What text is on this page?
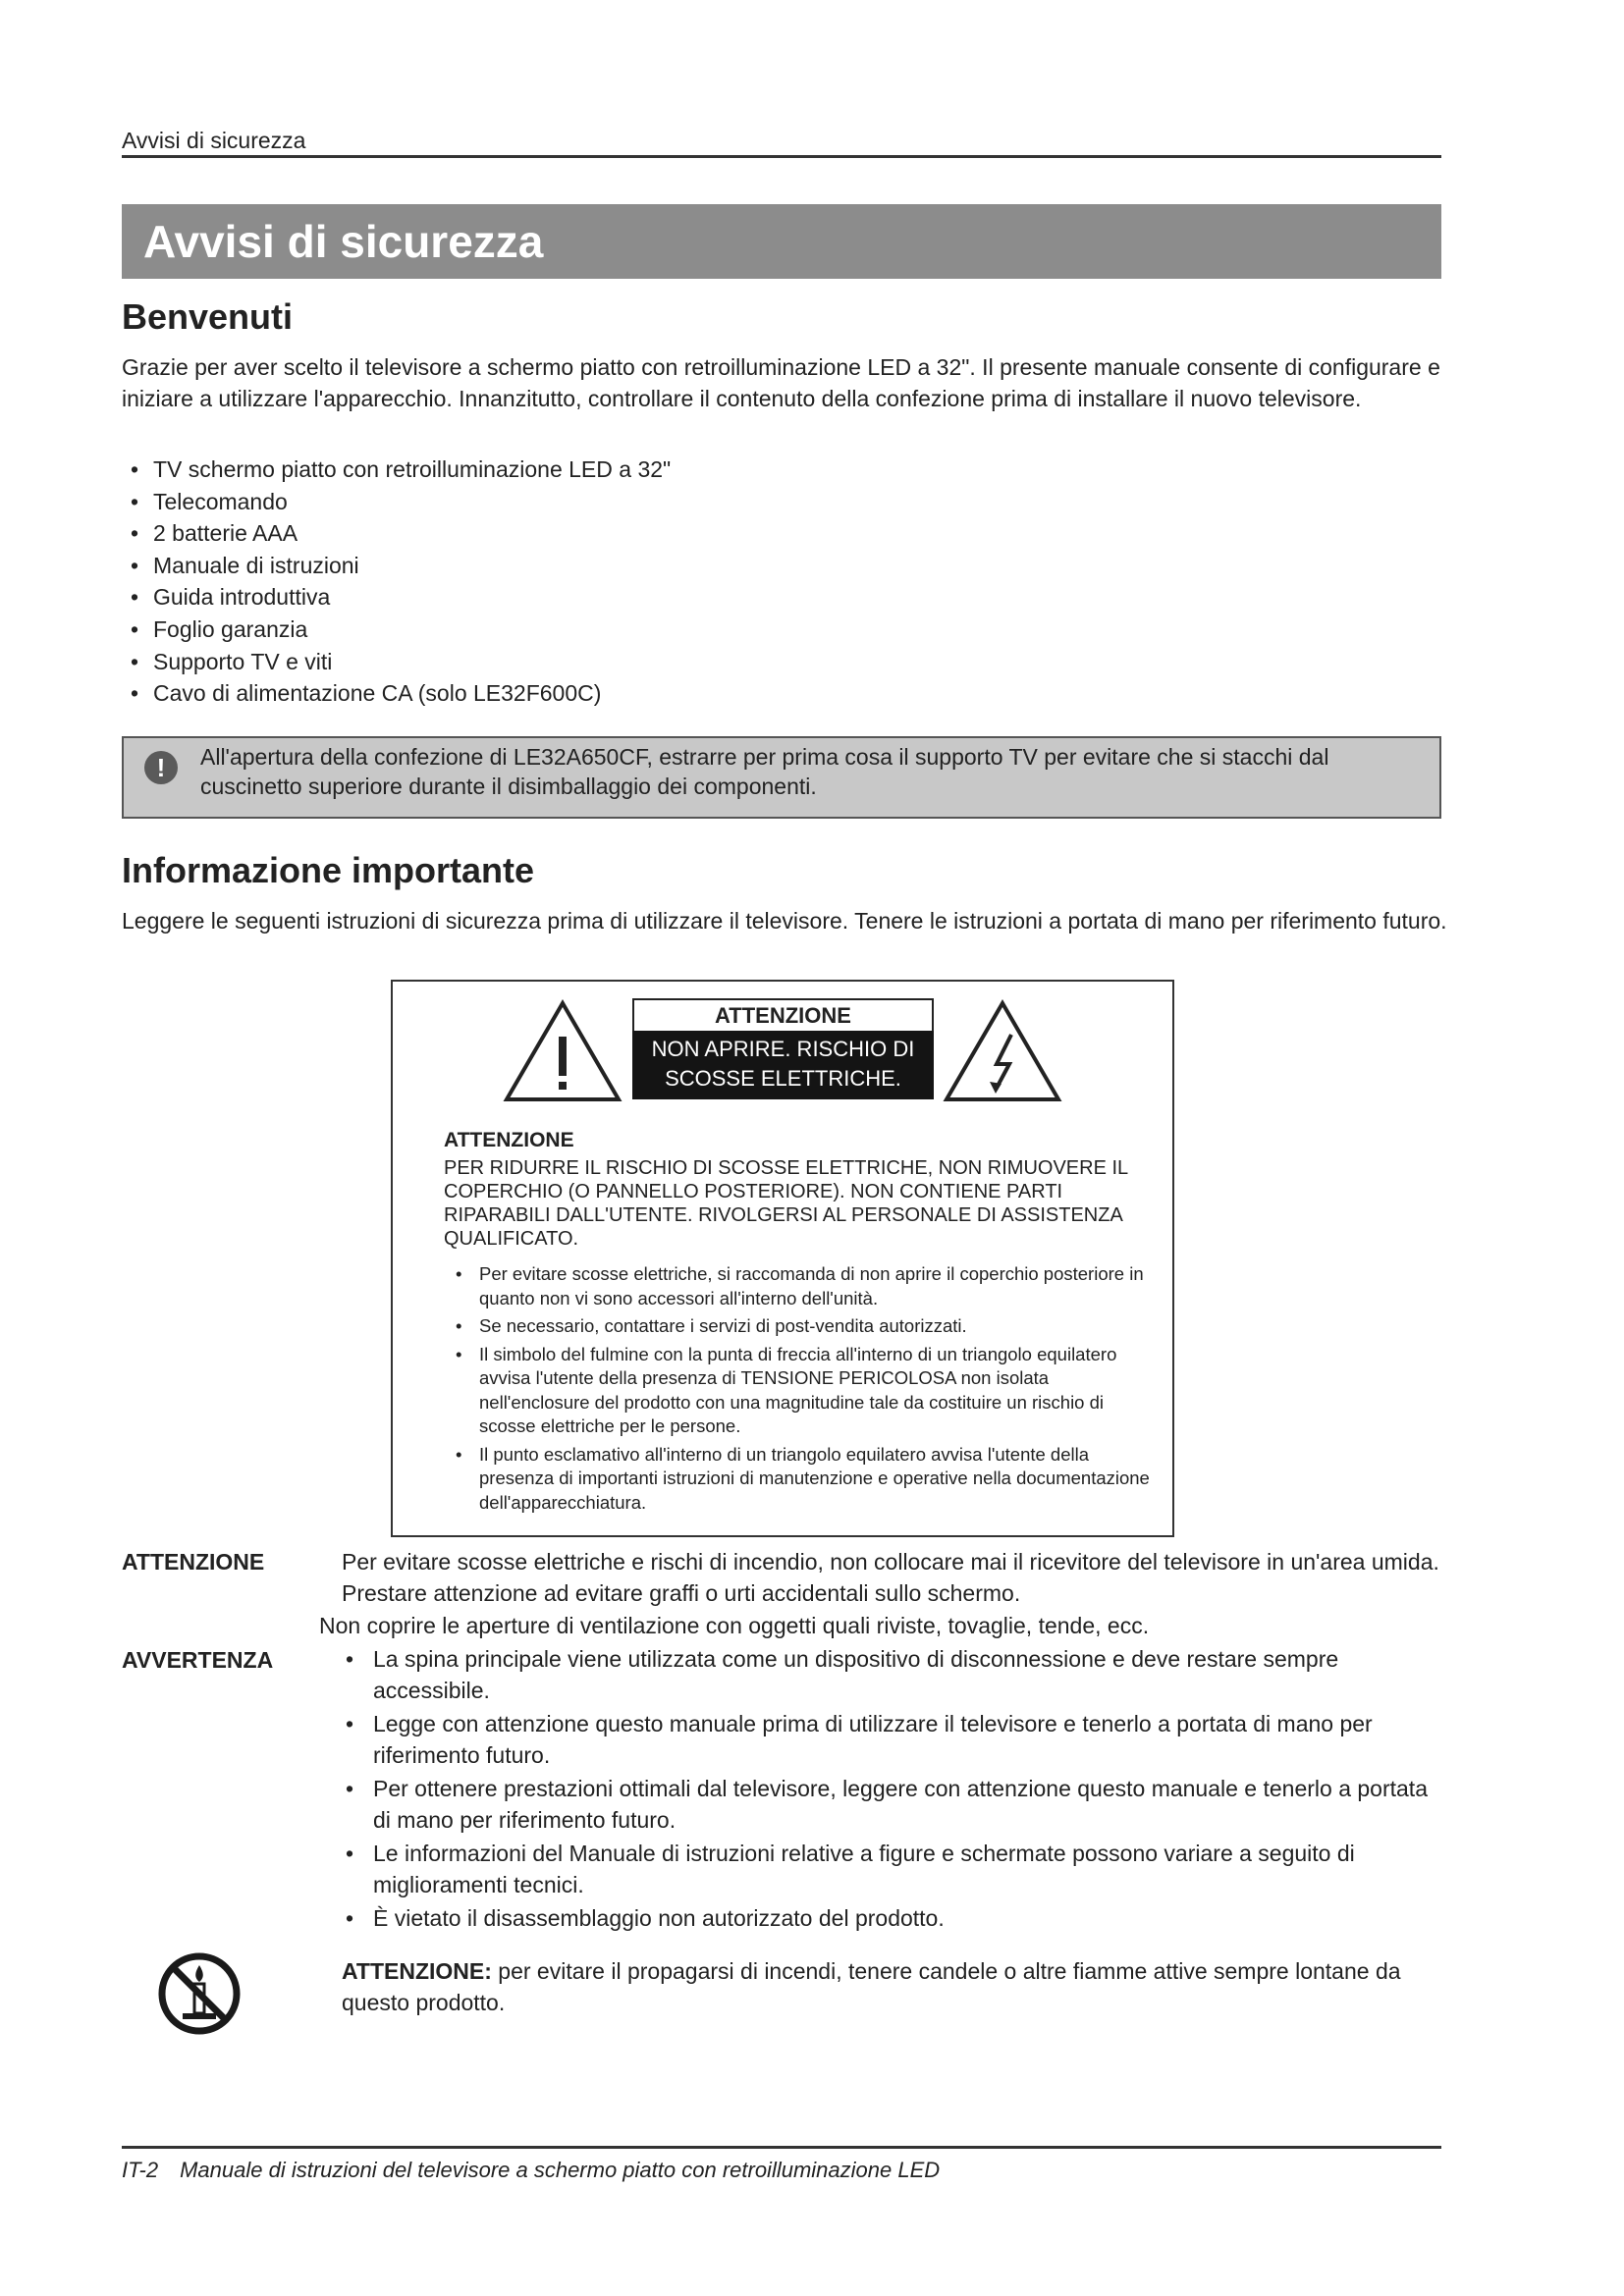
Avvisi di sicurezza
Avvisi di sicurezza
Benvenuti
Grazie per aver scelto il televisore a schermo piatto con retroilluminazione LED a 32". Il presente manuale consente di configurare e iniziare a utilizzare l'apparecchio. Innanzitutto, controllare il contenuto della confezione prima di installare il nuovo televisore.
• TV schermo piatto con retroilluminazione LED a 32"
• Telecomando
• 2 batterie AAA
• Manuale di istruzioni
• Guida introduttiva
• Foglio garanzia
• Supporto TV e viti
• Cavo di alimentazione CA (solo LE32F600C)
!	All'apertura della confezione di LE32A650CF, estrarre per prima cosa il supporto TV per evitare che si stacchi dal cuscinetto superiore durante il disimballaggio dei componenti.
Informazione importante
Leggere le seguenti istruzioni di sicurezza prima di utilizzare il televisore. Tenere le istruzioni a portata di mano per riferimento futuro.
ATTENZIONE
NON APRIRE. RISCHIO DI SCOSSE ELETTRICHE.
ATTENZIONE
PER RIDURRE IL RISCHIO DI SCOSSE ELETTRICHE, NON RIMUOVERE IL COPERCHIO (O PANNELLO POSTERIORE). NON CONTIENE PARTI RIPARABILI DALL'UTENTE. RIVOLGERSI AL PERSONALE DI ASSISTENZA QUALIFICATO.
• Per evitare scosse elettriche, si raccomanda di non aprire il coperchio posteriore in quanto non vi sono accessori all'interno dell'unità.
• Se necessario, contattare i servizi di post-vendita autorizzati.
• Il simbolo del fulmine con la punta di freccia all'interno di un triangolo equilatero avvisa l'utente della presenza di TENSIONE PERICOLOSA non isolata nell'enclosure del prodotto con una magnitudine tale da costituire un rischio di scosse elettriche per le persone.
• Il punto esclamativo all'interno di un triangolo equilatero avvisa l'utente della presenza di importanti istruzioni di manutenzione e operative nella documentazione dell'apparecchiatura.
ATTENZIONE	Per evitare scosse elettriche e rischi di incendio, non collocare mai il ricevitore del televisore in un'area umida. Prestare attenzione ad evitare graffi o urti accidentali sullo schermo.
Non coprire le aperture di ventilazione con oggetti quali riviste, tovaglie, tende, ecc.
AVVERTENZA
•	La spina principale viene utilizzata come un dispositivo di disconnessione e deve restare sempre accessibile.
• Legge con attenzione questo manuale prima di utilizzare il televisore e tenerlo a portata di mano per riferimento futuro.
• Per ottenere prestazioni ottimali dal televisore, leggere con attenzione questo manuale e tenerlo a portata di mano per riferimento futuro.
• Le informazioni del Manuale di istruzioni relative a figure e schermate possono variare a seguito di miglioramenti tecnici.
• È vietato il disassemblaggio non autorizzato del prodotto.
ATTENZIONE: per evitare il propagarsi di incendi, tenere candele o altre fiamme attive sempre lontane da questo prodotto.
IT-2 Manuale di istruzioni del televisore a schermo piatto con retroilluminazione LED
